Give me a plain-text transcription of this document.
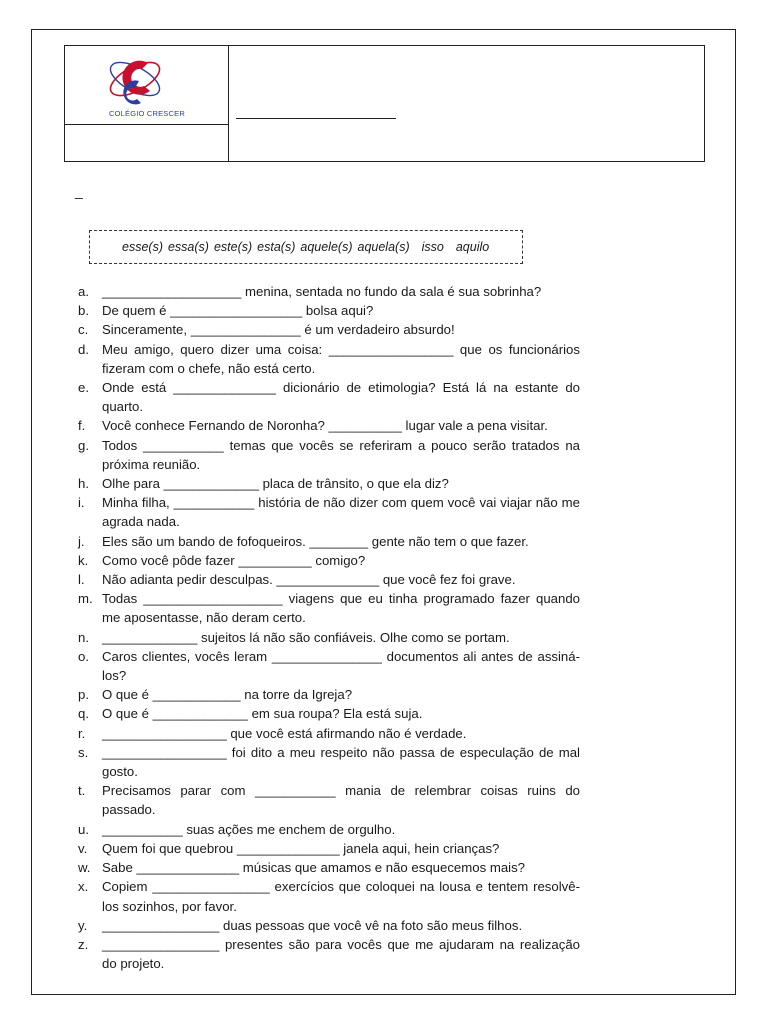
COLÉGIO CRESCER
_
esse(s) essa(s) este(s) esta(s) aquele(s) aquela(s) isso aquilo
a. ___________________ menina, sentada no fundo da sala é sua sobrinha?
b. De quem é __________________ bolsa aqui?
c.	Sinceramente, _______________ é um verdadeiro absurdo!
d. Meu amigo, quero dizer uma coisa: _________________ que os funcionários fizeram com o chefe, não está certo.
e. Onde está ______________ dicionário de etimologia? Está lá na estante do quarto.
f.	Você conhece Fernando de Noronha? __________ lugar vale a pena visitar.
g. Todos ___________ temas que vocês se referiram a pouco serão tratados na próxima reunião.
h. Olhe para _____________ placa de trânsito, o que ela diz?
i.	Minha filha, ___________ história de não dizer com quem você vai viajar não me agrada nada.
j.	Eles são um bando de fofoqueiros. ________ gente não tem o que fazer.
k.	Como você pôde fazer __________ comigo?
l.	Não adianta pedir desculpas. ______________ que você fez foi grave.
m. Todas ___________________ viagens que eu tinha programado fazer quando me aposentasse, não deram certo.
n. _____________ sujeitos lá não são confiáveis. Olhe como se portam.
o. Caros clientes, vocês leram _______________ documentos ali antes de assiná-los?
p. O que é ____________ na torre da Igreja?
q. O que é _____________ em sua roupa? Ela está suja.
r.	_________________ que você está afirmando não é verdade.
s.	_________________ foi dito a meu respeito não passa de especulação de mal gosto.
t.	Precisamos parar com ___________ mania de relembrar coisas ruins do passado.
u. ___________ suas ações me enchem de orgulho.
v.	Quem foi que quebrou ______________ janela aqui, hein crianças?
w. Sabe ______________ músicas que amamos e não esquecemos mais?
x.	Copiem ________________ exercícios que coloquei na lousa e tentem resolvê-los sozinhos, por favor.
y.	________________ duas pessoas que você vê na foto são meus filhos.
z.	________________ presentes são para vocês que me ajudaram na realização do projeto.
